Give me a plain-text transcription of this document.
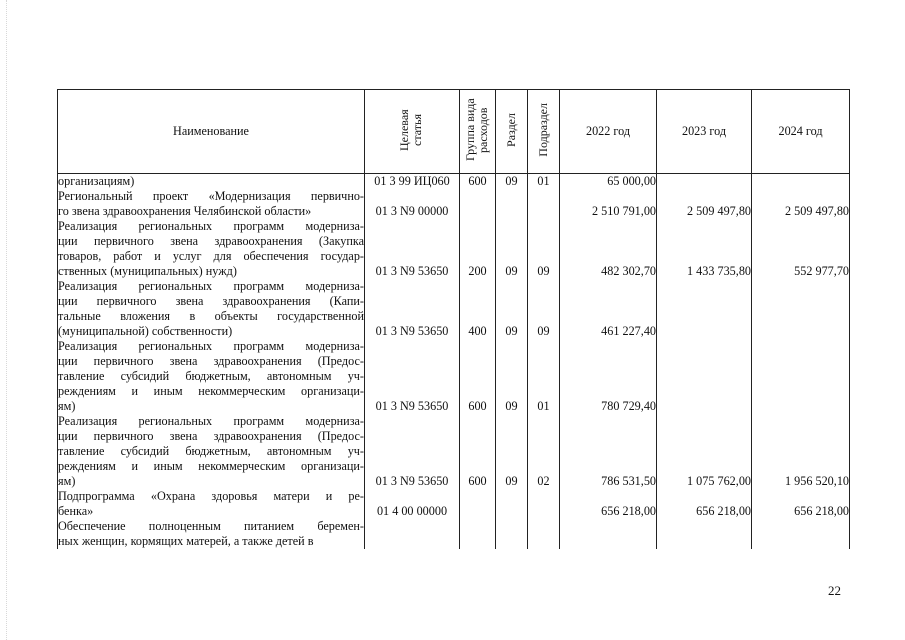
Наименование	Целевая статья	Группа вида расходов	Раздел	Подраздел	2022 год	2023 год	2024 год

организациям)	01 3 99 ИЦ060	600	09	01	65 000,00		

Региональный проект «Модернизация первично-
го звена здравоохранения Челябинской области»	01 3 N9 00000				2 510 791,00	2 509 497,80	2 509 497,80

Реализация региональных программ модерниза-
ции первичного звена здравоохранения (Закупка
товаров, работ и услуг для обеспечения государ-
ственных (муниципальных) нужд)	01 3 N9 53650	200	09	09	482 302,70	1 433 735,80	552 977,70

Реализация региональных программ модерниза-
ции первичного звена здравоохранения (Капи-
тальные вложения в объекты государственной
(муниципальной) собственности)	01 3 N9 53650	400	09	09	461 227,40		

Реализация региональных программ модерниза-
ции первичного звена здравоохранения (Предос-
тавление субсидий бюджетным, автономным уч-
реждениям и иным некоммерческим организаци-
ям)	01 3 N9 53650	600	09	01	780 729,40		

Реализация региональных программ модерниза-
ции первичного звена здравоохранения (Предос-
тавление субсидий бюджетным, автономным уч-
реждениям и иным некоммерческим организаци-
ям)	01 3 N9 53650	600	09	02	786 531,50	1 075 762,00	1 956 520,10

Подпрограмма «Охрана здоровья матери и ре-
бенка»	01 4 00 00000				656 218,00	656 218,00	656 218,00

Обеспечение полноценным питанием беремен-
ных женщин, кормящих матерей, а также детей в							

22
